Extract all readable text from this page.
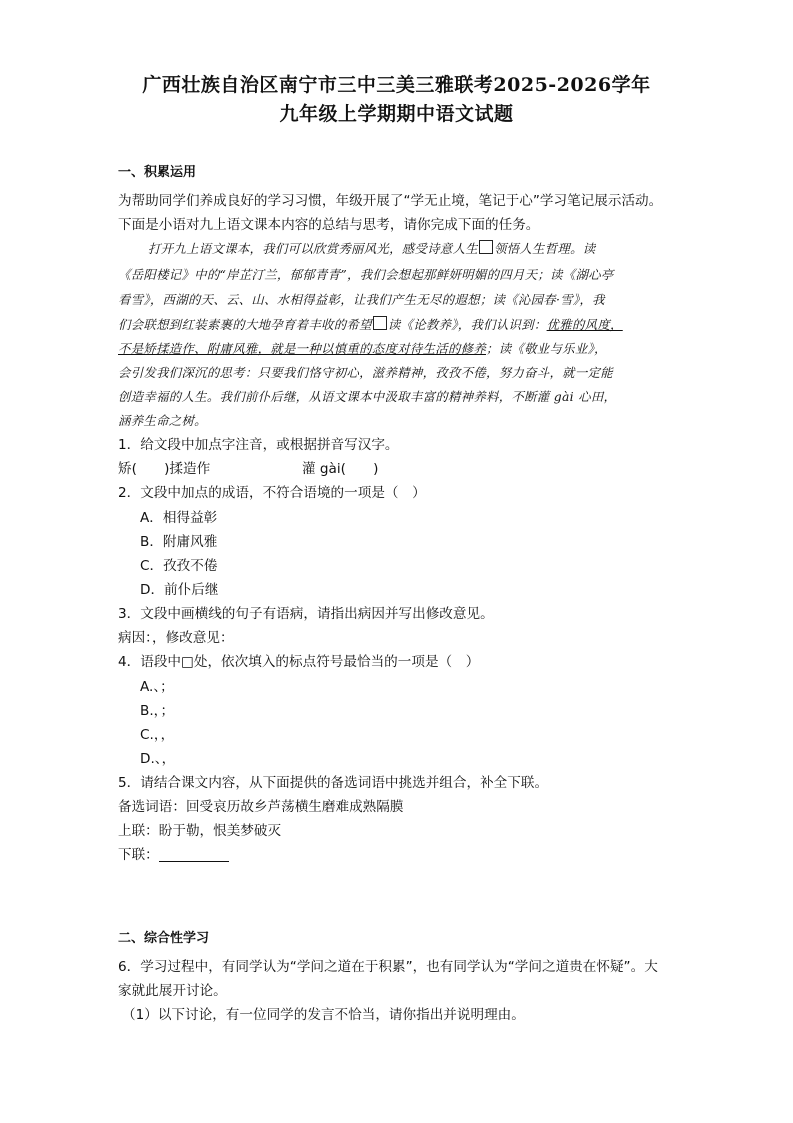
广西壮族自治区南宁市三中三美三雅联考2025-2026学年
九年级上学期期中语文试题
一、积累运用
为帮助同学们养成良好的学习习惯，年级开展了“学无止境，笔记于心”学习笔记展示活动。
下面是小语对九上语文课本内容的总结与思考，请你完成下面的任务。
打开九上语文课本，我们可以欣赏秀丽风光，感受诗意人生 领悟人生哲理。读
《岳阳楼记》中的“岸芷汀兰，郁郁青青”，我们会想起那鲜妍明媚的四月天；读《湖心亭
看雪》，西湖的天、云、山、水相得益彰，让我们产生无尽的遐想；读《沁园春·雪》，我
们会联想到红装素裹的大地孕育着丰收的希望 读《论教养》，我们认识到：优雅的风度，
不是矫揉造作、附庸风雅，就是一种以慎重的态度对待生活的修养；读《敬业与乐业》，
会引发我们深沉的思考：只要我们恪守初心，滋养精神，孜孜不倦，努力奋斗，就一定能
创造幸福的人生。我们前仆后继，从语文课本中汲取丰富的精神养料，不断灌 gài 心田，
涵养生命之树。
1．给文段中加点字注音，或根据拼音写汉字。
矫(　　)揉造作	灌 gài(　　)
2．文段中加点的成语，不符合语境的一项是（　）
A．相得益彰
B．附庸风雅
C．孜孜不倦
D．前仆后继
3．文段中画横线的句子有语病，请指出病因并写出修改意见。
病因：，修改意见：
4．语段中□处，依次填入的标点符号最恰当的一项是（　）
A.、；
B.，；
C.，，
D.、，
5．请结合课文内容，从下面提供的备选词语中挑选并组合，补全下联。
备选词语：回受哀历故乡芦荡横生磨难成熟隔膜
上联：盼于勒，恨美梦破灭
下联：
二、综合性学习
6．学习过程中，有同学认为“学问之道在于积累”，也有同学认为“学问之道贵在怀疑”。大
家就此展开讨论。
（1）以下讨论，有一位同学的发言不恰当，请你指出并说明理由。
